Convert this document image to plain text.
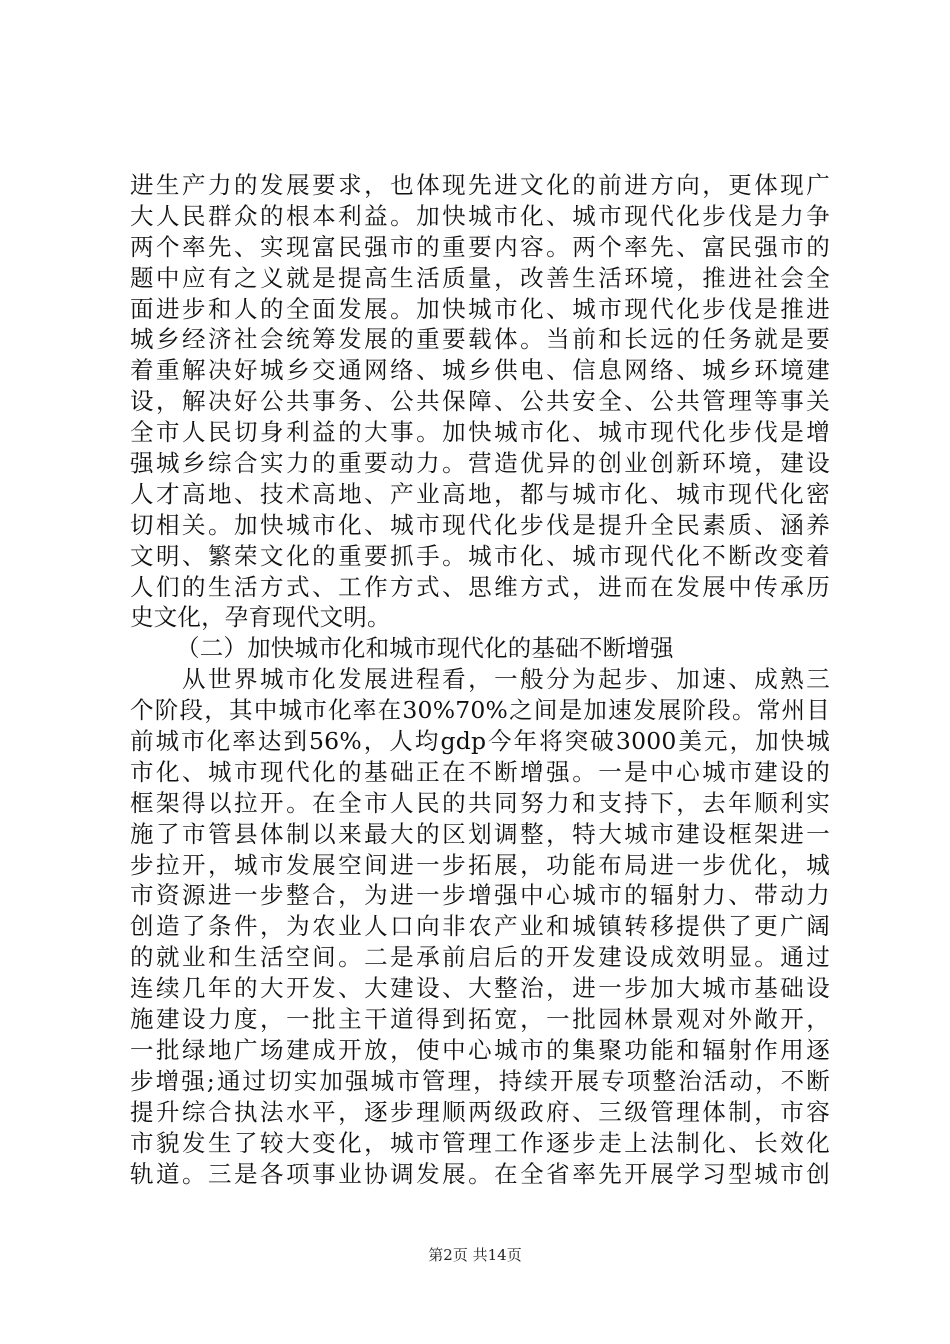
进生产力的发展要求，也体现先进文化的前进方向，更体现广
大人民群众的根本利益。加快城市化、城市现代化步伐是力争
两个率先、实现富民强市的重要内容。两个率先、富民强市的
题中应有之义就是提高生活质量，改善生活环境，推进社会全
面进步和人的全面发展。加快城市化、城市现代化步伐是推进
城乡经济社会统筹发展的重要载体。当前和长远的任务就是要
着重解决好城乡交通网络、城乡供电、信息网络、城乡环境建
设，解决好公共事务、公共保障、公共安全、公共管理等事关
全市人民切身利益的大事。加快城市化、城市现代化步伐是增
强城乡综合实力的重要动力。营造优异的创业创新环境，建设
人才高地、技术高地、产业高地，都与城市化、城市现代化密
切相关。加快城市化、城市现代化步伐是提升全民素质、涵养
文明、繁荣文化的重要抓手。城市化、城市现代化不断改变着
人们的生活方式、工作方式、思维方式，进而在发展中传承历
史文化，孕育现代文明。
（二）加快城市化和城市现代化的基础不断增强
从世界城市化发展进程看，一般分为起步、加速、成熟三
个阶段，其中城市化率在30%70%之间是加速发展阶段。常州目
前城市化率达到56%，人均gdp今年将突破3000美元，加快城
市化、城市现代化的基础正在不断增强。一是中心城市建设的
框架得以拉开。在全市人民的共同努力和支持下，去年顺利实
施了市管县体制以来最大的区划调整，特大城市建设框架进一
步拉开，城市发展空间进一步拓展，功能布局进一步优化，城
市资源进一步整合，为进一步增强中心城市的辐射力、带动力
创造了条件，为农业人口向非农产业和城镇转移提供了更广阔
的就业和生活空间。二是承前启后的开发建设成效明显。通过
连续几年的大开发、大建设、大整治，进一步加大城市基础设
施建设力度，一批主干道得到拓宽，一批园林景观对外敞开，
一批绿地广场建成开放，使中心城市的集聚功能和辐射作用逐
步增强;通过切实加强城市管理，持续开展专项整治活动，不断
提升综合执法水平，逐步理顺两级政府、三级管理体制，市容
市貌发生了较大变化，城市管理工作逐步走上法制化、长效化
轨道。三是各项事业协调发展。在全省率先开展学习型城市创
第2页 共14页
